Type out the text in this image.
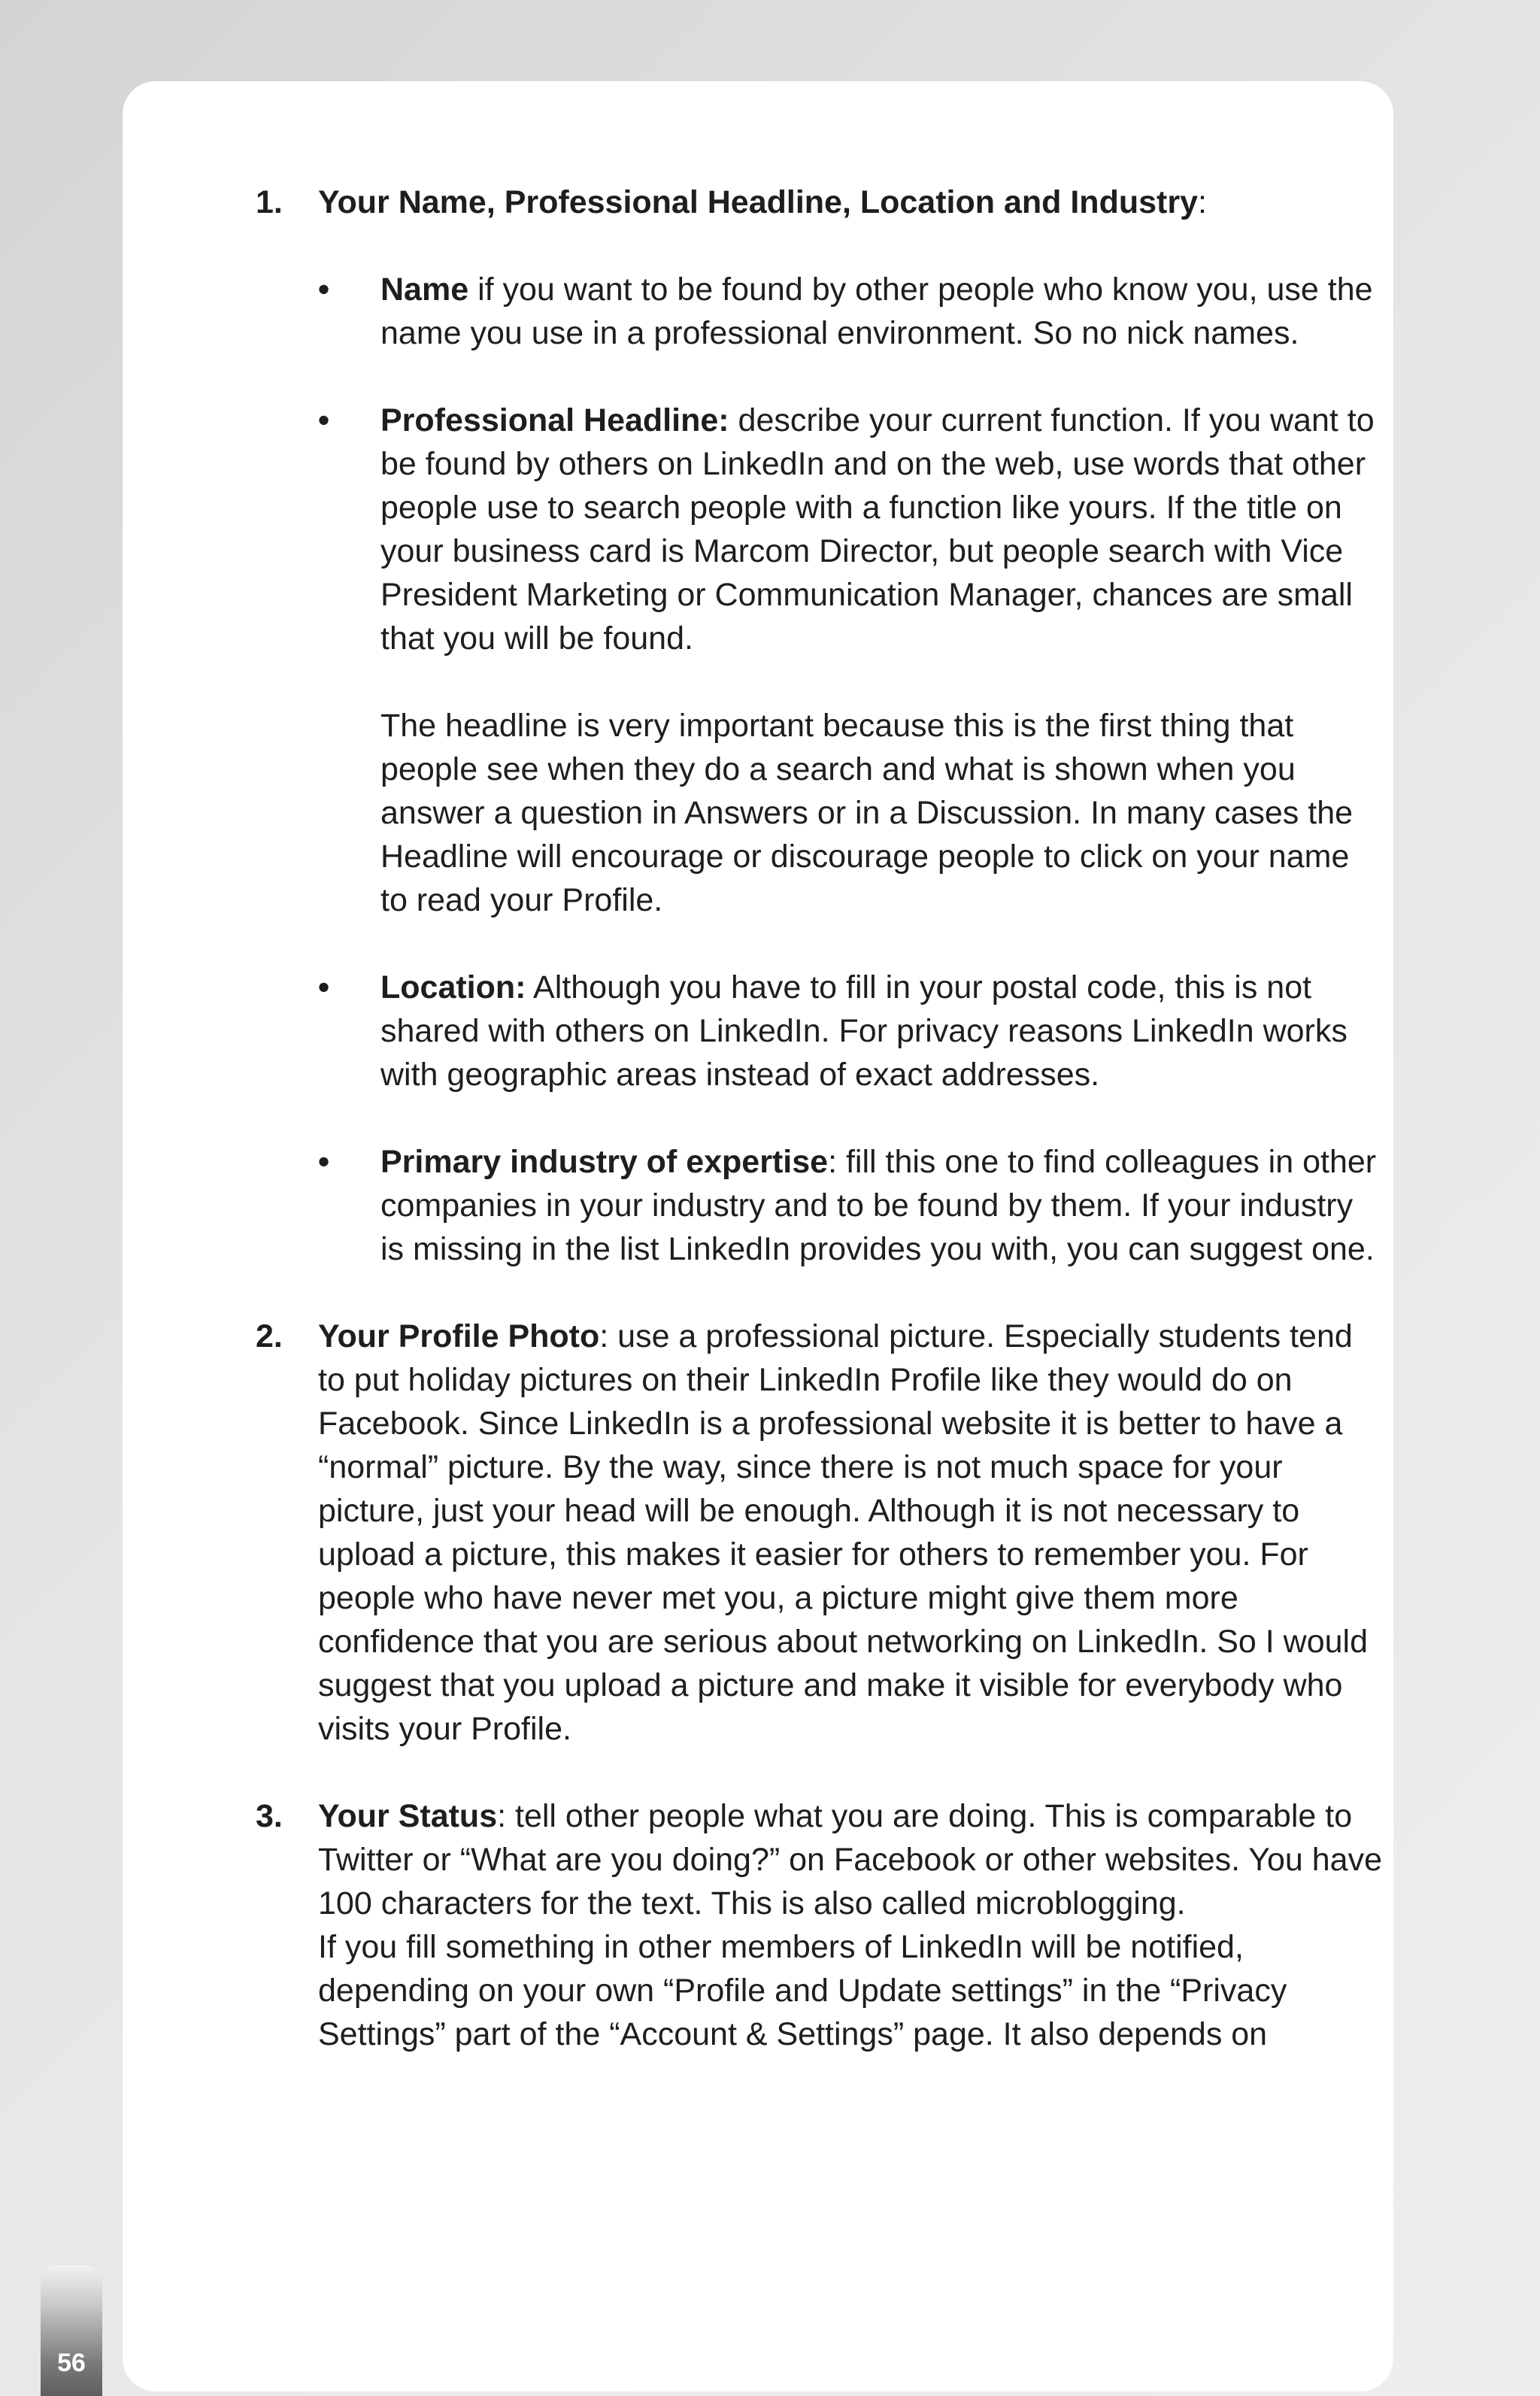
1. Your Name, Professional Headline, Location and Industry:

• Name if you want to be found by other people who know you, use the name you use in a professional environment. So no nick names.

• Professional Headline: describe your current function. If you want to be found by others on LinkedIn and on the web, use words that other people use to search people with a function like yours. If the title on your business card is Marcom Director, but people search with Vice President Marketing or Communication Manager, chances are small that you will be found.

The headline is very important because this is the first thing that people see when they do a search and what is shown when you answer a question in Answers or in a Discussion. In many cases the Headline will encourage or discourage people to click on your name to read your Profile.

• Location: Although you have to fill in your postal code, this is not shared with others on LinkedIn. For privacy reasons LinkedIn works with geographic areas instead of exact addresses.

• Primary industry of expertise: fill this one to find colleagues in other companies in your industry and to be found by them. If your industry is missing in the list LinkedIn provides you with, you can suggest one.

2. Your Profile Photo: use a professional picture. Especially students tend to put holiday pictures on their LinkedIn Profile like they would do on Facebook. Since LinkedIn is a professional website it is better to have a “normal” picture. By the way, since there is not much space for your picture, just your head will be enough. Although it is not necessary to upload a picture, this makes it easier for others to remember you. For people who have never met you, a picture might give them more confidence that you are serious about networking on LinkedIn. So I would suggest that you upload a picture and make it visible for everybody who visits your Profile.

3. Your Status: tell other people what you are doing. This is comparable to Twitter or “What are you doing?” on Facebook or other websites. You have 100 characters for the text. This is also called microblogging.

If you fill something in other members of LinkedIn will be notified, depending on your own “Profile and Update settings” in the “Privacy Settings” part of the “Account & Settings” page. It also depends on

56
